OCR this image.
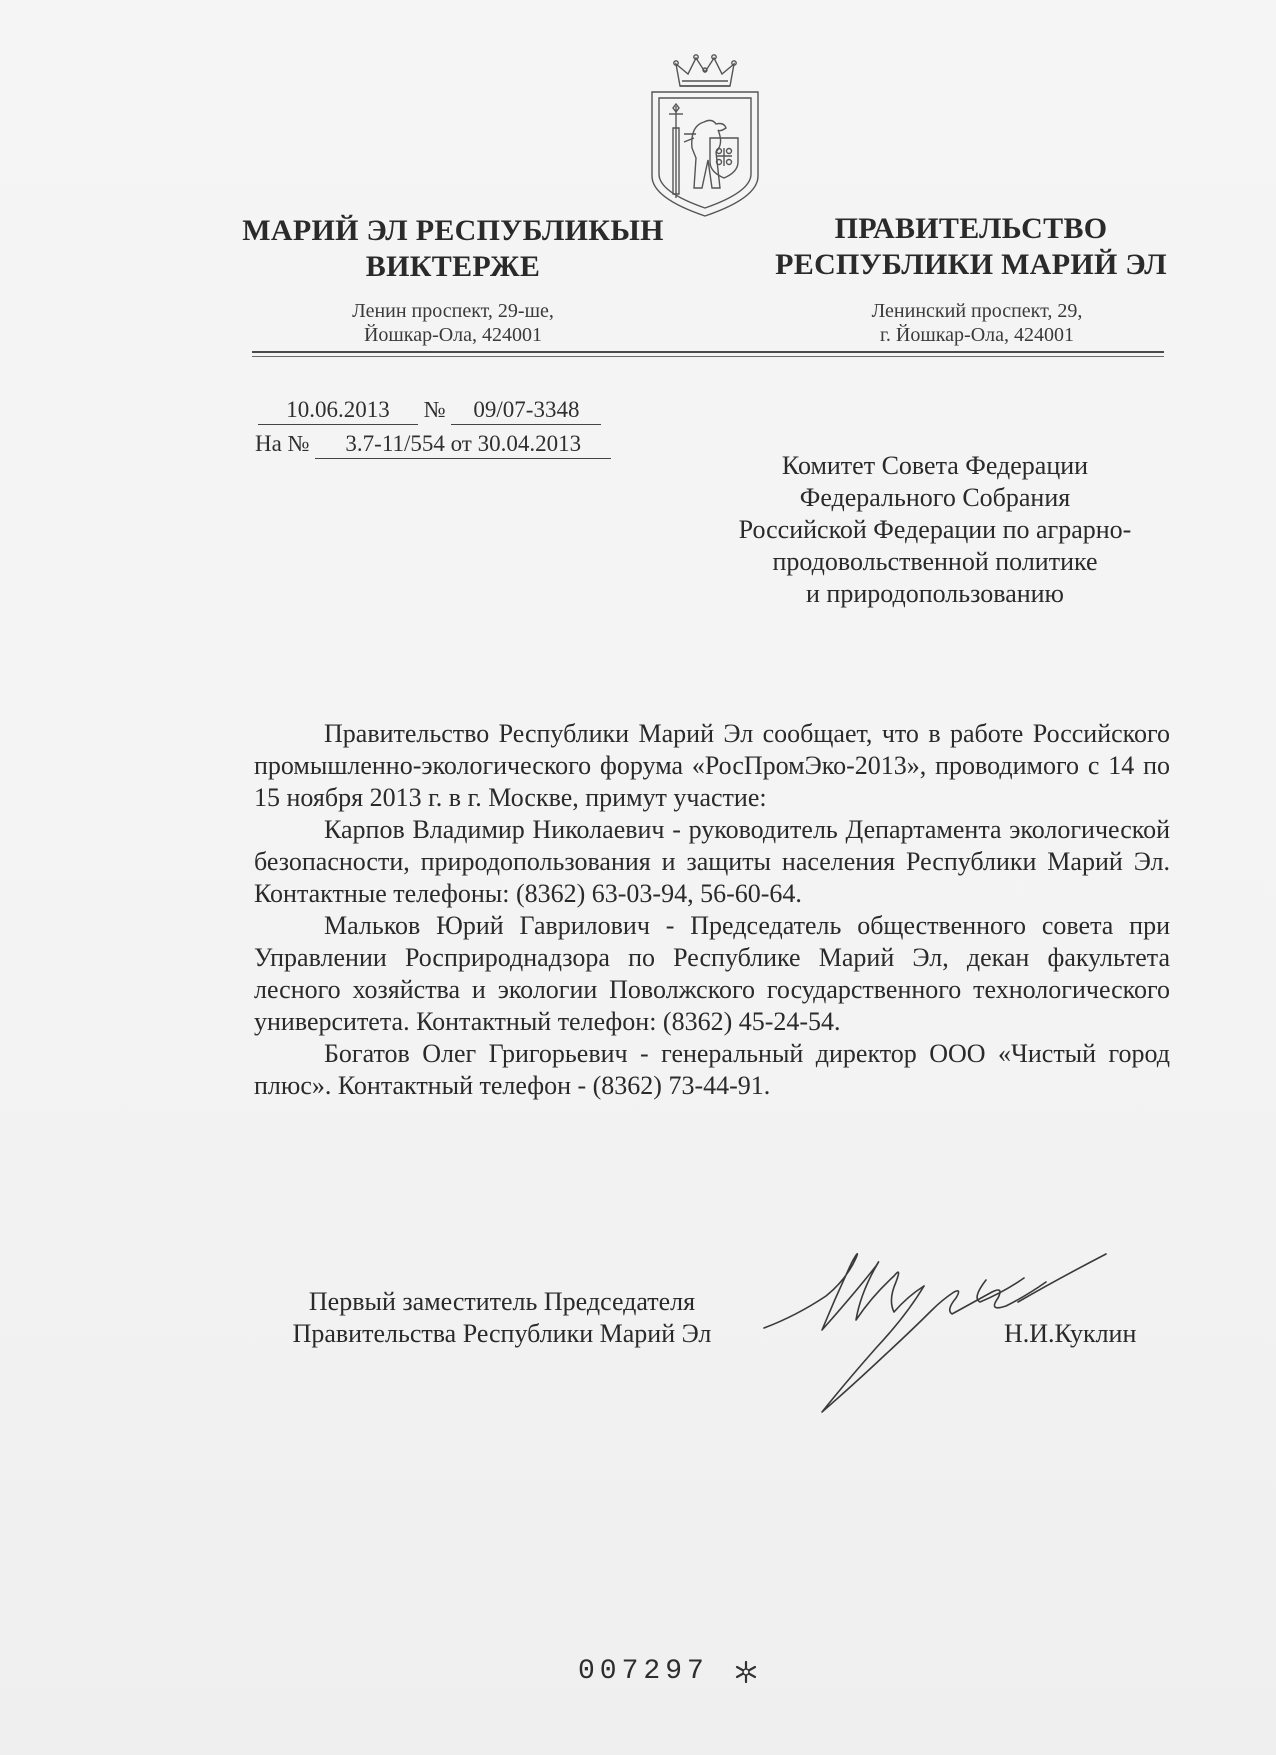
МАРИЙ ЭЛ РЕСПУБЛИКЫН
ВИКТЕРЖЕ
Ленин проспект, 29-ше,
Йошкар-Ола, 424001
ПРАВИТЕЛЬСТВО
РЕСПУБЛИКИ МАРИЙ ЭЛ
Ленинский проспект, 29,
г. Йошкар-Ола, 424001
10.06.2013 № 09/07-3348
На № 3.7-11/554 от 30.04.2013
Комитет Совета Федерации
Федерального Собрания
Российской Федерации по аграрно-
продовольственной политике
и природопользованию

Правительство Республики Марий Эл сообщает, что в работе Российского промышленно-экологического форума «РосПромЭко-2013», проводимого с 14 по 15 ноября 2013 г. в г. Москве, примут участие:

Карпов Владимир Николаевич - руководитель Департамента экологической безопасности, природопользования и защиты населения Республики Марий Эл. Контактные телефоны: (8362) 63-03-94, 56-60-64.

Мальков Юрий Гаврилович - Председатель общественного совета при Управлении Росприроднадзора по Республике Марий Эл, декан факультета лесного хозяйства и экологии Поволжского государственного технологического университета. Контактный телефон: (8362) 45-24-54.

Богатов Олег Григорьевич - генеральный директор ООО «Чистый город плюс». Контактный телефон - (8362) 73-44-91.

Первый заместитель Председателя
Правительства Республики Марий Эл	Н.И.Куклин
007297
